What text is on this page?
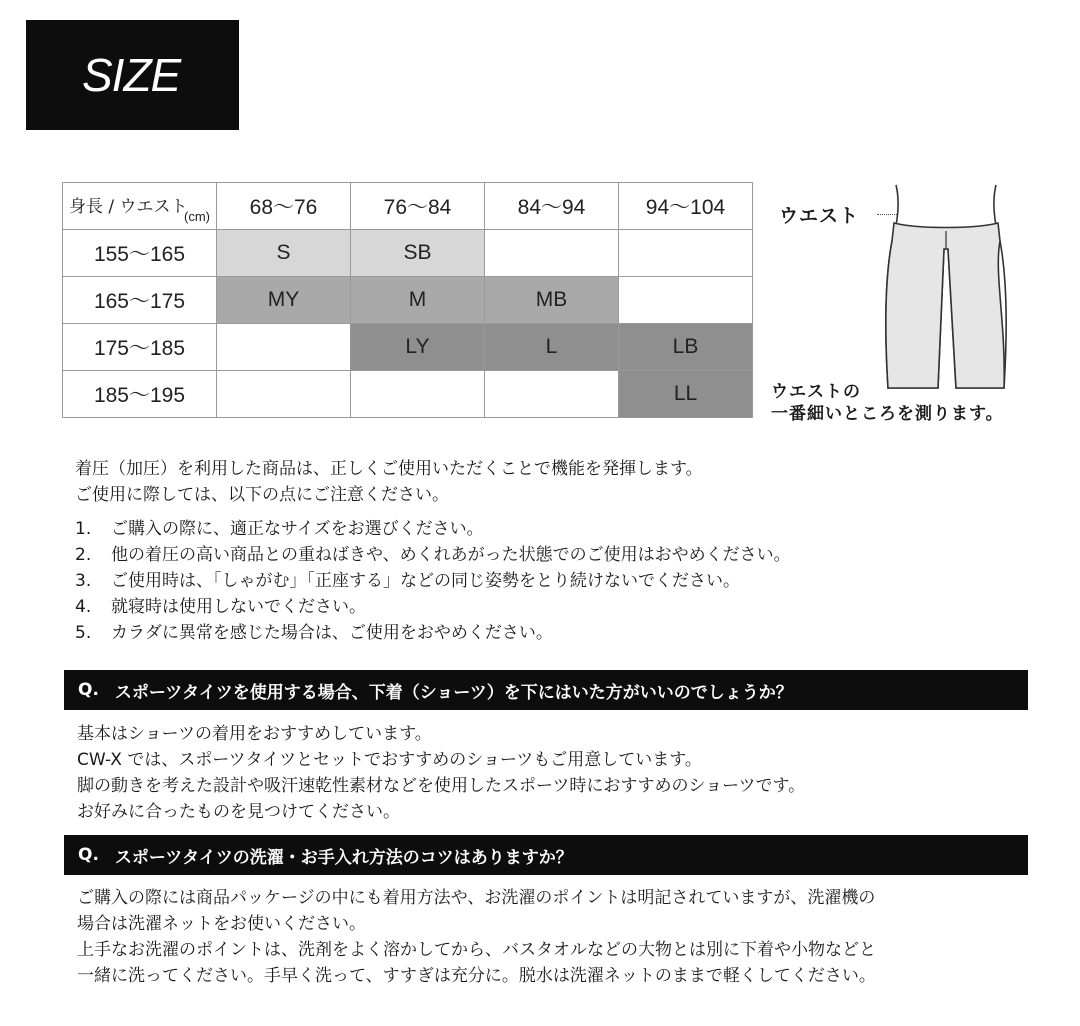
SIZE
身長 / ウエスト
(cm)	68〜76	76〜84	84〜94	94〜104
155〜165	S	SB		
165〜175	MY	M	MB	
175〜185		LY	L	LB
185〜195				LL
ウエスト
ウエストの
一番細いところを測ります。
着圧（加圧）を利用した商品は、正しくご使用いただくことで機能を発揮します。
ご使用に際しては、以下の点にご注意ください。
1.	ご購入の際に、適正なサイズをお選びください。
2.	他の着圧の高い商品との重ねばきや、めくれあがった状態でのご使用はおやめください。
3.	ご使用時は、「しゃがむ」「正座する」などの同じ姿勢をとり続けないでください。
4.	就寝時は使用しないでください。
5.	カラダに異常を感じた場合は、ご使用をおやめください。
Q. スポーツタイツを使用する場合、下着（ショーツ）を下にはいた方がいいのでしょうか？
基本はショーツの着用をおすすめしています。
CW-X では、スポーツタイツとセットでおすすめのショーツもご用意しています。
脚の動きを考えた設計や吸汗速乾性素材などを使用したスポーツ時におすすめのショーツです。
お好みに合ったものを見つけてください。
Q. スポーツタイツの洗濯・お手入れ方法のコツはありますか？
ご購入の際には商品パッケージの中にも着用方法や、お洗濯のポイントは明記されていますが、洗濯機の
場合は洗濯ネットをお使いください。
上手なお洗濯のポイントは、洗剤をよく溶かしてから、バスタオルなどの大物とは別に下着や小物などと
一緒に洗ってください。手早く洗って、すすぎは充分に。脱水は洗濯ネットのままで軽くしてください。
